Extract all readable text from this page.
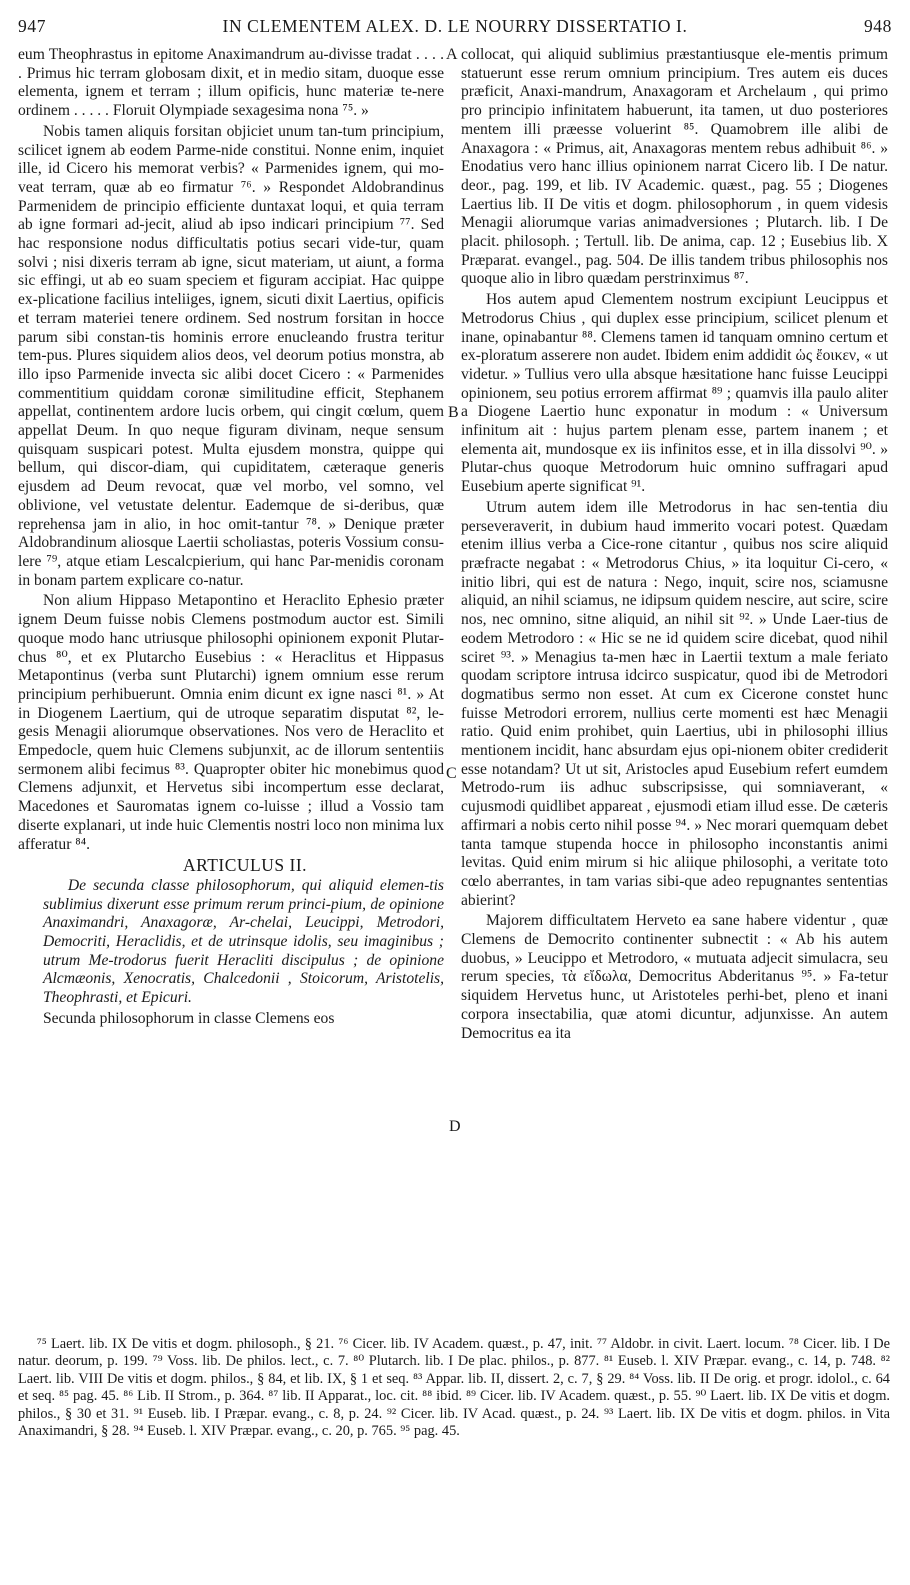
947	IN CLEMENTEM ALEX. D. LE NOURRY DISSERTATIO I.	948
A
B
C
D

eum Theophrastus in epitome Anaximandrum au-divisse tradat . . . . . Primus hic terram globosam dixit, et in medio sitam, duoque esse elementa, ignem et terram ; illum opificis, hunc materiæ te-nere ordinem . . . . . Floruit Olympiade sexagesima nona ⁷⁵. »

Nobis tamen aliquis forsitan objiciet unum tan-tum principium, scilicet ignem ab eodem Parme-nide constitui. Nonne enim, inquiet ille, id Cicero his memorat verbis? « Parmenides ignem, qui mo-veat terram, quæ ab eo firmatur ⁷⁶. » Respondet Aldobrandinus Parmenidem de principio efficiente duntaxat loqui, et quia terram ab igne formari ad-jecit, aliud ab ipso indicari principium ⁷⁷. Sed hac responsione nodus difficultatis potius secari vide-tur, quam solvi ; nisi dixeris terram ab igne, sicut materiam, ut aiunt, a forma sic effingi, ut ab eo suam speciem et figuram accipiat. Hac quippe ex-plicatione facilius inteliiges, ignem, sicuti dixit Laertius, opificis et terram materiei tenere ordinem. Sed nostrum forsitan in hocce parum sibi constan-tis hominis errore enucleando frustra teritur tem-pus. Plures siquidem alios deos, vel deorum potius monstra, ab illo ipso Parmenide invecta sic alibi docet Cicero : « Parmenides commentitium quiddam coronæ similitudine efficit, Stephanem appellat, continentem ardore lucis orbem, qui cingit cœlum, quem appellat Deum. In quo neque figuram divinam, neque sensum quisquam suspicari potest. Multa ejusdem monstra, quippe qui bellum, qui discor-diam, qui cupiditatem, cæteraque generis ejusdem ad Deum revocat, quæ vel morbo, vel somno, vel oblivione, vel vetustate delentur. Eademque de si-deribus, quæ reprehensa jam in alio, in hoc omit-tantur ⁷⁸. » Denique præter Aldobrandinum aliosque Laertii scholiastas, poteris Vossium consu-lere ⁷⁹, atque etiam Lescalcpierium, qui hanc Par-menidis coronam in bonam partem explicare co-natur.

Non alium Hippaso Metapontino et Heraclito Ephesio præter ignem Deum fuisse nobis Clemens postmodum auctor est. Simili quoque modo hanc utriusque philosophi opinionem exponit Plutar-chus ⁸⁰, et ex Plutarcho Eusebius : « Heraclitus et Hippasus Metapontinus (verba sunt Plutarchi) ignem omnium esse rerum principium perhibuerunt. Omnia enim dicunt ex igne nasci ⁸¹. » At in Diogenem Laertium, qui de utroque separatim disputat ⁸², le-gesis Menagii aliorumque observationes. Nos vero de Heraclito et Empedocle, quem huic Clemens subjunxit, ac de illorum sententiis sermonem alibi fecimus ⁸³. Quapropter obiter hic monebimus quod Clemens adjunxit, et Hervetus sibi incompertum esse declarat, Macedones et Sauromatas ignem co-luisse ; illud a Vossio tam diserte explanari, ut inde huic Clementis nostri loco non minima lux afferatur ⁸⁴.

ARTICULUS II.

De secunda classe philosophorum, qui aliquid elemen-tis sublimius dixerunt esse primum rerum princi-pium, de opinione Anaximandri, Anaxagoræ, Ar-chelai, Leucippi, Metrodori, Democriti, Heraclidis, et de utrinsque idolis, seu imaginibus ; utrum Me-trodorus fuerit Heracliti discipulus ; de opinione Alcmæonis, Xenocratis, Chalcedonii , Stoicorum, Aristotelis, Theophrasti, et Epicuri.

Secunda philosophorum in classe Clemens eos

collocat, qui aliquid sublimius præstantiusque ele-mentis primum statuerunt esse rerum omnium principium. Tres autem eis duces præficit, Anaxi-mandrum, Anaxagoram et Archelaum , qui primo pro principio infinitatem habuerunt, ita tamen, ut duo posteriores mentem illi præesse voluerint ⁸⁵. Quamobrem ille alibi de Anaxagora : « Primus, ait, Anaxagoras mentem rebus adhibuit ⁸⁶. » Enodatius vero hanc illius opinionem narrat Cicero lib. I De natur. deor., pag. 199, et lib. IV Academic. quæst., pag. 55 ; Diogenes Laertius lib. II De vitis et dogm. philosophorum , in quem videsis Menagii aliorumque varias animadversiones ; Plutarch. lib. I De placit. philosoph. ; Tertull. lib. De anima, cap. 12 ; Eusebius lib. X Præparat. evangel., pag. 504. De illis tandem tribus philosophis nos quoque alio in libro quædam perstrinximus ⁸⁷.

Hos autem apud Clementem nostrum excipiunt Leucippus et Metrodorus Chius , qui duplex esse principium, scilicet plenum et inane, opinabantur ⁸⁸. Clemens tamen id tanquam omnino certum et ex-ploratum asserere non audet. Ibidem enim addidit ὡς ἔοικεν, « ut videtur. » Tullius vero ulla absque hæsitatione hanc fuisse Leucippi opinionem, seu potius errorem affirmat ⁸⁹ ; quamvis illa paulo aliter a Diogene Laertio hunc exponatur in modum : « Universum infinitum ait : hujus partem plenam esse, partem inanem ; et elementa ait, mundosque ex iis infinitos esse, et in illa dissolvi ⁹⁰. » Plutar-chus quoque Metrodorum huic omnino suffragari apud Eusebium aperte significat ⁹¹.

Utrum autem idem ille Metrodorus in hac sen-tentia diu perseveraverit, in dubium haud immerito vocari potest. Quædam etenim illius verba a Cice-rone citantur , quibus nos scire aliquid præfracte negabat : « Metrodorus Chius, » ita loquitur Ci-cero, « initio libri, qui est de natura : Nego, inquit, scire nos, sciamusne aliquid, an nihil sciamus, ne idipsum quidem nescire, aut scire, scire nos, nec omnino, sitne aliquid, an nihil sit ⁹². » Unde Laer-tius de eodem Metrodoro : « Hic se ne id quidem scire dicebat, quod nihil sciret ⁹³. » Menagius ta-men hæc in Laertii textum a male feriato quodam scriptore intrusa idcirco suspicatur, quod ibi de Metrodori dogmatibus sermo non esset. At cum ex Cicerone constet hunc fuisse Metrodori errorem, nullius certe momenti est hæc Menagii ratio. Quid enim prohibet, quin Laertius, ubi in philosophi illius mentionem incidit, hanc absurdam ejus opi-nionem obiter crediderit esse notandam? Ut ut sit, Aristocles apud Eusebium refert eumdem Metrodo-rum iis adhuc subscripsisse, qui somniaverant, « cujusmodi quidlibet appareat , ejusmodi etiam illud esse. De cæteris affirmari a nobis certo nihil posse ⁹⁴. » Nec morari quemquam debet tanta tamque stupenda hocce in philosopho inconstantis animi levitas. Quid enim mirum si hic aliique philosophi, a veritate toto cœlo aberrantes, in tam varias sibi-que adeo repugnantes sententias abierint?

Majorem difficultatem Herveto ea sane habere videntur , quæ Clemens de Democrito continenter subnectit : « Ab his autem duobus, » Leucippo et Metrodoro, « mutuata adjecit simulacra, seu rerum species, τὰ εἴδωλα, Democritus Abderitanus ⁹⁵. » Fa-tetur siquidem Hervetus hunc, ut Aristoteles perhi-bet, pleno et inani corpora insectabilia, quæ atomi dicuntur, adjunxisse. An autem Democritus ea ita

⁷⁵ Laert. lib. IX De vitis et dogm. philosoph., § 21. ⁷⁶ Cicer. lib. IV Academ. quæst., p. 47, init. ⁷⁷ Aldobr. in civit. Laert. locum. ⁷⁸ Cicer. lib. I De natur. deorum, p. 199. ⁷⁹ Voss. lib. De philos. lect., c. 7. ⁸⁰ Plutarch. lib. I De plac. philos., p. 877. ⁸¹ Euseb. l. XIV Præpar. evang., c. 14, p. 748. ⁸² Laert. lib. VIII De vitis et dogm. philos., § 84, et lib. IX, § 1 et seq. ⁸³ Appar. lib. II, dissert. 2, c. 7, § 29. ⁸⁴ Voss. lib. II De orig. et progr. idolol., c. 64 et seq. ⁸⁵ pag. 45. ⁸⁶ Lib. II Strom., p. 364. ⁸⁷ lib. II Apparat., loc. cit. ⁸⁸ ibid. ⁸⁹ Cicer. lib. IV Academ. quæst., p. 55. ⁹⁰ Laert. lib. IX De vitis et dogm. philos., § 30 et 31. ⁹¹ Euseb. lib. I Præpar. evang., c. 8, p. 24. ⁹² Cicer. lib. IV Acad. quæst., p. 24. ⁹³ Laert. lib. IX De vitis et dogm. philos. in Vita Anaximandri, § 28. ⁹⁴ Euseb. l. XIV Præpar. evang., c. 20, p. 765. ⁹⁵ pag. 45.
